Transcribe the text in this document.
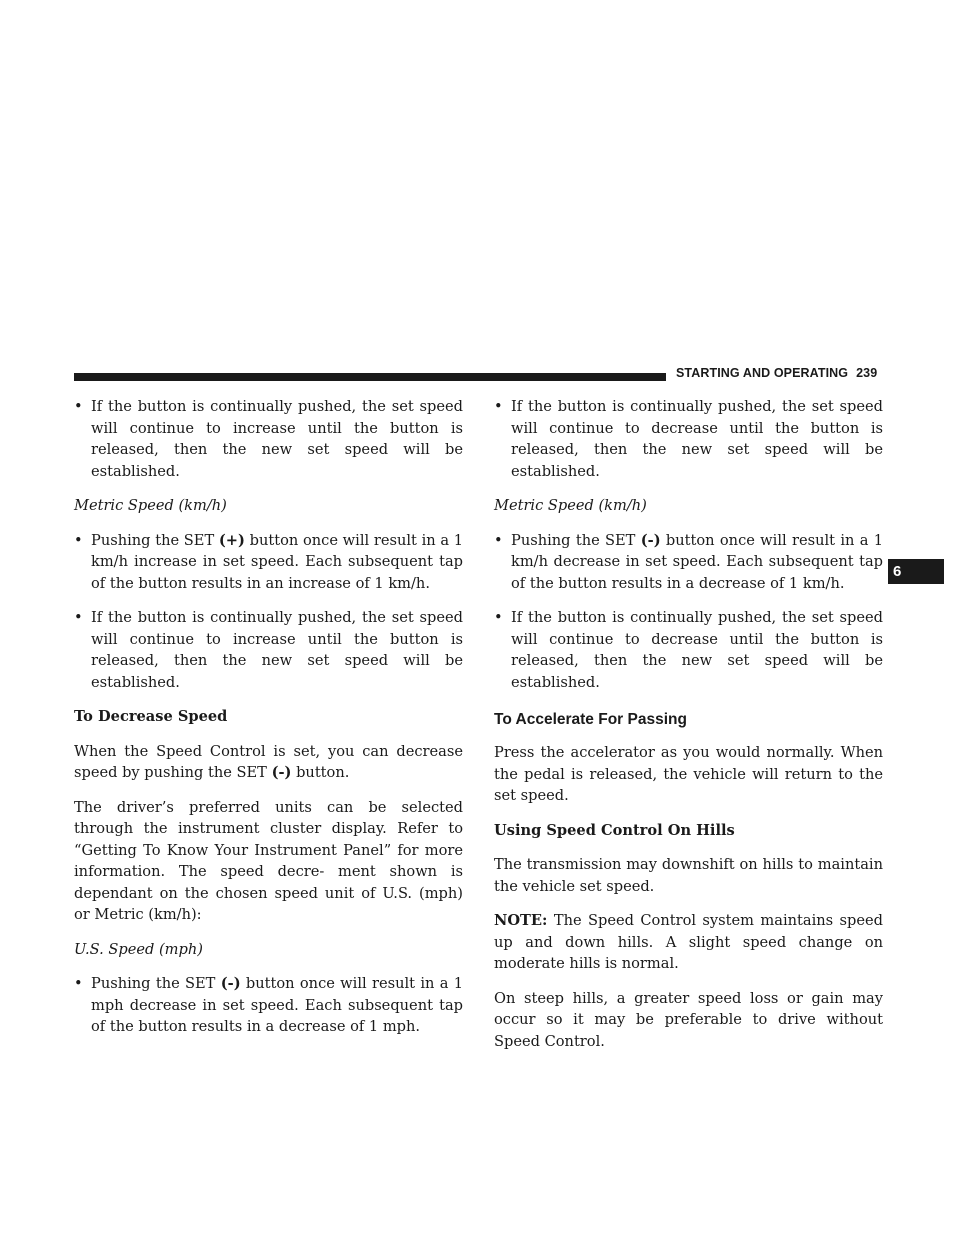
STARTING AND OPERATING 239
6

• If the button is continually pushed, the set speed will continue to increase until the button is released, then the new set speed will be established.

Metric Speed (km/h)

• Pushing the SET (+) button once will result in a 1 km/h increase in set speed. Each subsequent tap of the button results in an increase of 1 km/h.

• If the button is continually pushed, the set speed will continue to increase until the button is released, then the new set speed will be established.

To Decrease Speed

When the Speed Control is set, you can decrease speed by pushing the SET (-) button.

The driver’s preferred units can be selected through the instrument cluster display. Refer to “Getting To Know Your Instrument Panel” for more information. The speed decre- ment shown is dependant on the chosen speed unit of U.S. (mph) or Metric (km/h):

U.S. Speed (mph)

• Pushing the SET (-) button once will result in a 1 mph decrease in set speed. Each subsequent tap of the button results in a decrease of 1 mph.

• If the button is continually pushed, the set speed will continue to decrease until the button is released, then the new set speed will be established.

Metric Speed (km/h)

• Pushing the SET (-) button once will result in a 1 km/h decrease in set speed. Each subsequent tap of the button results in a decrease of 1 km/h.

• If the button is continually pushed, the set speed will continue to decrease until the button is released, then the new set speed will be established.

To Accelerate For Passing

Press the accelerator as you would normally. When the pedal is released, the vehicle will return to the set speed.

Using Speed Control On Hills

The transmission may downshift on hills to maintain the vehicle set speed.

NOTE: The Speed Control system maintains speed up and down hills. A slight speed change on moderate hills is normal.

On steep hills, a greater speed loss or gain may occur so it may be preferable to drive without Speed Control.
